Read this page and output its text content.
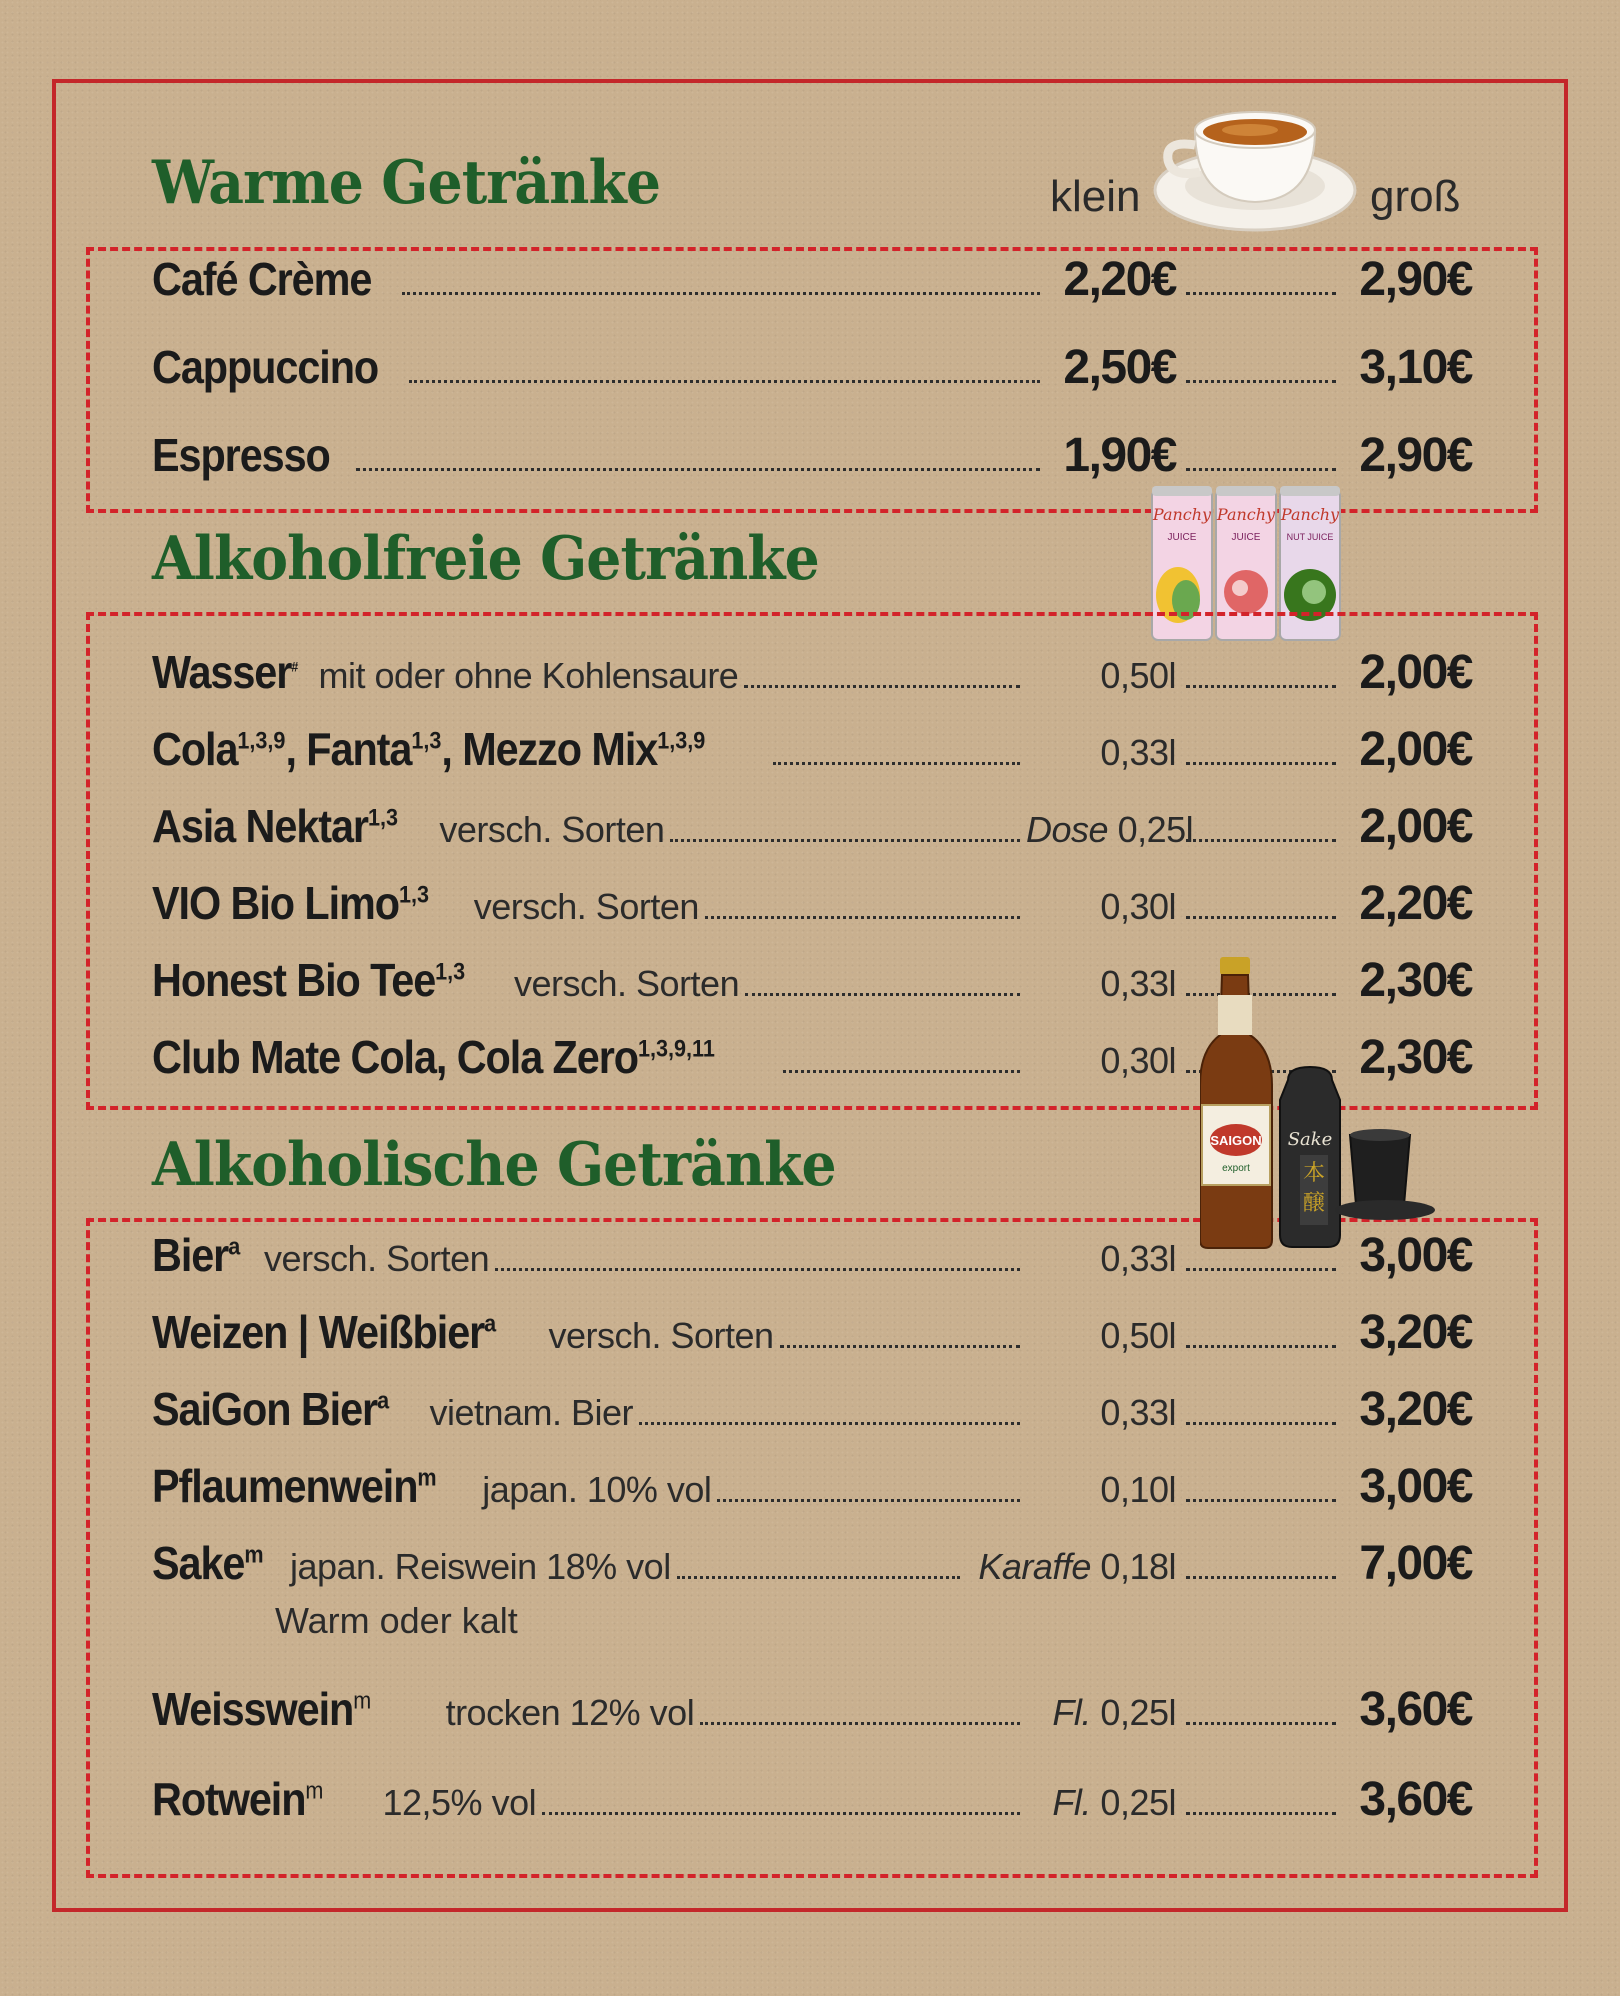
Warme Getränke	klein	groß
Café Crème	2,20€	2,90€
Cappuccino	2,50€	3,10€
Espresso	1,90€	2,90€
Alkoholfreie Getränke
Panchy
JUICE
Panchy
JUICE
Panchy
NUT JUICE
Wasser# mit oder ohne Kohlensaure	0,50l	2,00€
Cola$^{1,3,9}$, Fanta$^{1,3}$, Mezzo Mix$^{1,3,9}$	0,33l	2,00€
Asia Nektar$^{1,3}$ versch. Sorten	Dose 0,25l	2,00€
VIO Bio Limo$^{1,3}$ versch. Sorten	0,30l	2,20€
Honest Bio Tee$^{1,3}$ versch. Sorten	0,33l	2,30€
Club Mate Cola, Cola Zero$^{1,3,9,11}$	0,30l	2,30€
Alkoholische Getränke	SAIGON
export
Sake
本
醸
Bier$^a$ versch. Sorten	0,33l	3,00€
Weizen | Weißbier$^a$ versch. Sorten	0,50l	3,20€
SaiGon Bier$^a$ vietnam. Bier	0,33l	3,20€
Pflaumenwein$^m$ japan. 10% vol	0,10l	3,00€
Sake$^m$ japan. Reiswein 18% vol	Karaffe 0,18l	7,00€
Warm oder kalt
Weisswein$^m$ trocken 12% vol	Fl. 0,25l	3,60€
Rotwein$^m$ 12,5% vol	Fl. 0,25l	3,60€
